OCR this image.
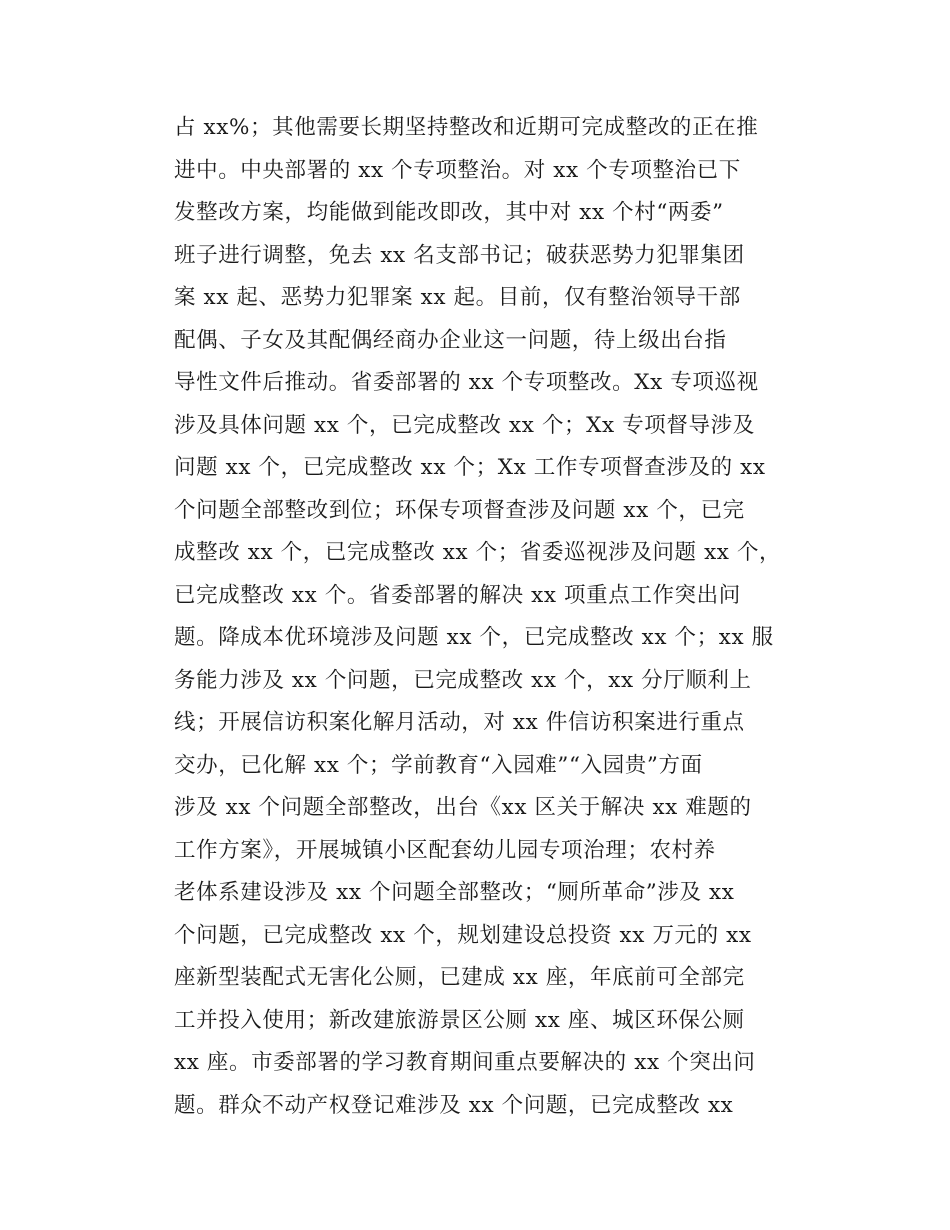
占 xx%；其他需要长期坚持整改和近期可完成整改的正在推
进中。中央部署的 xx 个专项整治。对 xx 个专项整治已下
发整改方案，均能做到能改即改，其中对 xx 个村“两委”
班子进行调整，免去 xx 名支部书记；破获恶势力犯罪集团
案 xx 起、恶势力犯罪案 xx 起。目前，仅有整治领导干部
配偶、子女及其配偶经商办企业这一问题，待上级出台指
导性文件后推动。省委部署的 xx 个专项整改。Xx 专项巡视
涉及具体问题 xx 个，已完成整改 xx 个；Xx 专项督导涉及
问题 xx 个，已完成整改 xx 个；Xx 工作专项督查涉及的 xx
个问题全部整改到位；环保专项督查涉及问题 xx 个，已完
成整改 xx 个，已完成整改 xx 个；省委巡视涉及问题 xx 个，
已完成整改 xx 个。省委部署的解决 xx 项重点工作突出问
题。降成本优环境涉及问题 xx 个，已完成整改 xx 个；xx 服
务能力涉及 xx 个问题，已完成整改 xx 个，xx 分厅顺利上
线；开展信访积案化解月活动，对 xx 件信访积案进行重点
交办，已化解 xx 个；学前教育“入园难”“入园贵”方面
涉及 xx 个问题全部整改，出台《xx 区关于解决 xx 难题的
工作方案》，开展城镇小区配套幼儿园专项治理；农村养
老体系建设涉及 xx 个问题全部整改；“厕所革命”涉及 xx
个问题，已完成整改 xx 个，规划建设总投资 xx 万元的 xx
座新型装配式无害化公厕，已建成 xx 座，年底前可全部完
工并投入使用；新改建旅游景区公厕 xx 座、城区环保公厕
xx 座。市委部署的学习教育期间重点要解决的 xx 个突出问
题。群众不动产权登记难涉及 xx 个问题，已完成整改 xx
